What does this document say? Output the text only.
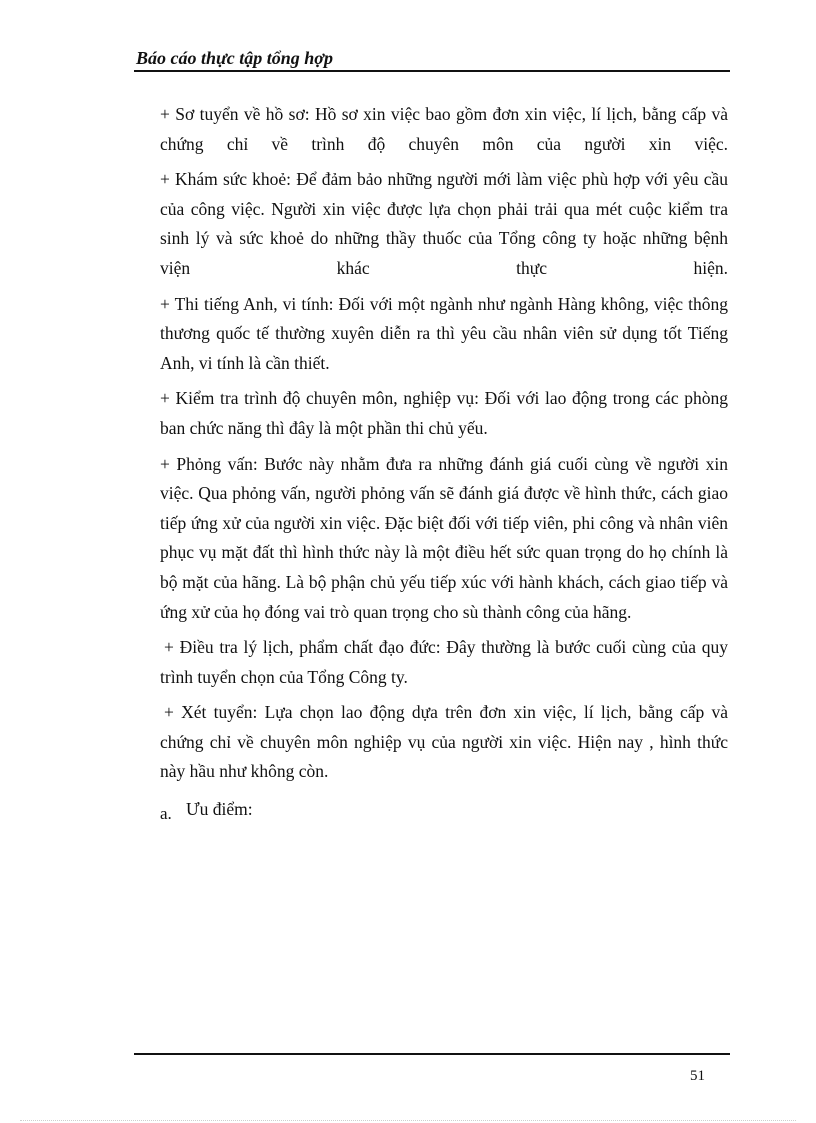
Báo cáo thực tập tổng hợp

+ Sơ tuyển về hồ sơ: Hồ sơ xin việc bao gồm đơn xin việc, lí lịch, bằng cấp và chứng chỉ về trình độ chuyên môn của người xin việc.

+ Khám sức khoẻ: Để đảm bảo những người mới làm việc phù hợp với yêu cầu của công việc. Người xin việc được lựa chọn phải trải qua mét cuộc kiểm tra sinh lý và sức khoẻ do những thầy thuốc của Tổng công ty hoặc những bệnh viện khác thực hiện.

+ Thi tiếng Anh, vi tính: Đối với một ngành như ngành Hàng không, việc thông thương quốc tế thường xuyên diễn ra thì yêu cầu nhân viên sử dụng tốt Tiếng Anh, vi tính là cần thiết.

+ Kiểm tra trình độ chuyên môn, nghiệp vụ: Đối với lao động trong các phòng ban chức năng thì đây là một phần thi chủ yếu.

+ Phỏng vấn: Bước này nhằm đưa ra những đánh giá cuối cùng về người xin việc. Qua phỏng vấn, người phỏng vấn sẽ đánh giá được về hình thức, cách giao tiếp ứng xử của người xin việc. Đặc biệt đối với tiếp viên, phi công và nhân viên phục vụ mặt đất thì hình thức này là một điều hết sức quan trọng do họ chính là bộ mặt của hãng. Là bộ phận chủ yếu tiếp xúc với hành khách, cách giao tiếp và ứng xử của họ đóng vai trò quan trọng cho sù thành công của hãng.

+ Điều tra lý lịch, phẩm chất đạo đức: Đây thường là bước cuối cùng của quy trình tuyển chọn của Tổng Công ty.

+ Xét tuyển: Lựa chọn lao động dựa trên đơn xin việc, lí lịch, bằng cấp và chứng chỉ về chuyên môn nghiệp vụ của người xin việc. Hiện nay , hình thức này hầu như không còn.

a. Ưu điểm:
51
